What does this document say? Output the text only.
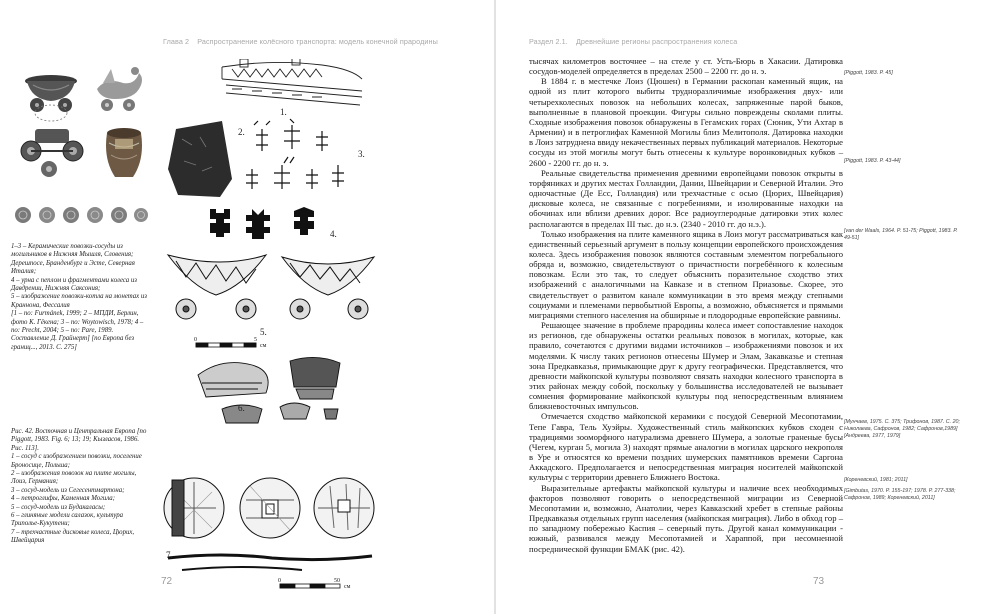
Глава 2 Распространение колёсного транспорта: модель конечной прародины
1–3 – Керамические повозки-сосуды из могильников в Нижняя Мышля, Словения; Дерешпосе, Бранденбург и Эсте, Северная Италия;
4 – урна с пеплом и фрагментами колеса из Давдрении, Нижняя Саксония;
5 – изображение повозки-котла на монетах из Краннона, Фессалия
[1 – по: Furmánek, 1999; 2 – МПДИ, Берлин, фото К. Гёкена; 3 – по: Woytowisch, 1978; 4 – по: Precht, 2004; 5 – по: Pare, 1989. Составление Д. Грайнерт] [по Европа без границ..., 2013. С. 275]
1.
2.
3.
4.
5.
0	5
см
6.
Рис. 42. Восточная и Центральная Европа [по Piggott, 1983. Fig. 6; 13; 19; Кызласов, 1986. Рис. 113].
1 – сосуд с изображением повозки, поселение Броносице, Польша;
2 – изображения повозок на плите могилы, Лоиз, Германия;
3 – сосуд-модель из Сегесентмартона;
4 – петроглифы, Каменная Могила;
5 – сосуд-модель из Будакаласы;
6 – глиняные модели салазок, культура Триполье-Кукутени;
7 – трехчастные дисковые колеса, Цюрих, Швейцария
7.
0	50
см
72
Раздел 2.1. Древнейшие регионы распространения колеса

тысячах километров восточнее – на стеле у ст. Усть-Бюрь в Хакасии. Датировка сосудов-моделей определяется в пределах 2500 – 2200 гг. до н. э.

В 1884 г. в местечке Лоиз (Цюшен) в Германии раскопан каменный ящик, на одной из плит которого выбиты трудноразличимые изображения двух- или четырехколесных повозок на небольших колесах, запряженные парой быков, выполненные в плановой проекции. Фигуры сильно повреждены сколами плиты. Сходные изображения повозок обнаружены в Гегамских горах (Сюник, Ути Ахтар в Армении) и в петроглифах Каменной Могилы близ Мелитополя. Датировка находки в Лоиз затруднена ввиду некачественных первых публикаций материалов. Некоторые сосуды из этой могилы могут быть отнесены к культуре воронковидных кубков – 2600 - 2200 гг. до н. э.

Реальные свидетельства применения древними европейцами повозок открыты в торфяниках и других местах Голландии, Дании, Швейцарии и Северной Италии. Это одночастные (Де Есс, Голландия) или трехчастные с осью (Цюрих, Швейцария) дисковые колеса, не связанные с погребениями, и изолированные находки на обочинах или вблизи древних дорог. Все радиоуглеродные датировки этих колес располагаются в пределах III тыс. до н.э. (2340 - 2010 гг. до н.э.).

Только изображения на плите каменного ящика в Лоиз могут рассматриваться как единственный серьезный аргумент в пользу концепции европейского происхождения колеса. Здесь изображения повозок являются составным элементом погребального обряда и, возможно, свидетельствуют о причастности погребённого к колесным повозкам. Если это так, то следует объяснить поразительное сходство этих изображений с аналогичными на Кавказе и в степном Приазовье. Скорее, это свидетельствует о развитом канале коммуникации в это время между степными социумами и племенами первобытной Европы, а возможно, объясняется и прямыми миграциями степного населения на обширные и плодородные европейские равнины.

Решающее значение в проблеме прародины колеса имеет сопоставление находок из регионов, где обнаружены остатки реальных повозок в могилах, которые, как правило, сочетаются с другими видами источников – изображениями повозок и их моделями. К числу таких регионов отнесены Шумер и Элам, Закавказье и степная зона Предкавказья, примыкающие друг к другу географически. Представляется, что древности майкопской культуры позволяют связать находки колесного транспорта в этих районах между собой, поскольку у большинства исследователей не вызывает сомнения формирование майкопской культуры под непосредственным влиянием ближневосточных импульсов.

Отмечается сходство майкопской керамики с посудой Северной Месопотамии, Тепе Гавра, Тель Хуэйры. Художественный стиль майкопских кубков сходен с традициями зооморфного натурализма древнего Шумера, а золотые граненые бусы (Чегем, курган 5, могила 3) находят прямые аналогии в могилах царского некрополя в Уре и относятся ко времени поздних шумерских памятников времени Саргона Аккадского. Предполагается и непосредственная миграция носителей майкопской культуры с территории древнего Ближнего Востока.

Выразительные артефакты майкопской культуры и наличие всех необходимых факторов позволяют говорить о непосредственной миграции из Северной Месопотамии и, возможно, Анатолии, через Кавказский хребет в степные районы Предкавказья отдельных групп населения (майкопская миграция). Либо в обход гор – по западному побережью Каспия – северный путь. Другой канал коммуникации - южный, развивался между Месопотамией и Хараппой, при несомненной посреднической функции БМАК (рис. 42).

[Piggott, 1983. P. 45]
[Piggott, 1983. P. 43-44]
[van der Waals, 1964. P. 51-75; Piggott, 1983. P. 49-51]
[Мунчаев, 1975. С. 375; Трифонов, 1987. С. 20; Николаева, Сафронов, 1982; Сафронов,1989] [Андреева, 1977, 1979]
[Кореневский, 1981; 2011]
[Gimbutas, 1970. P. 155-197; 1978. P. 277-338; Сафронов, 1989; Кореневский, 2011]
73
